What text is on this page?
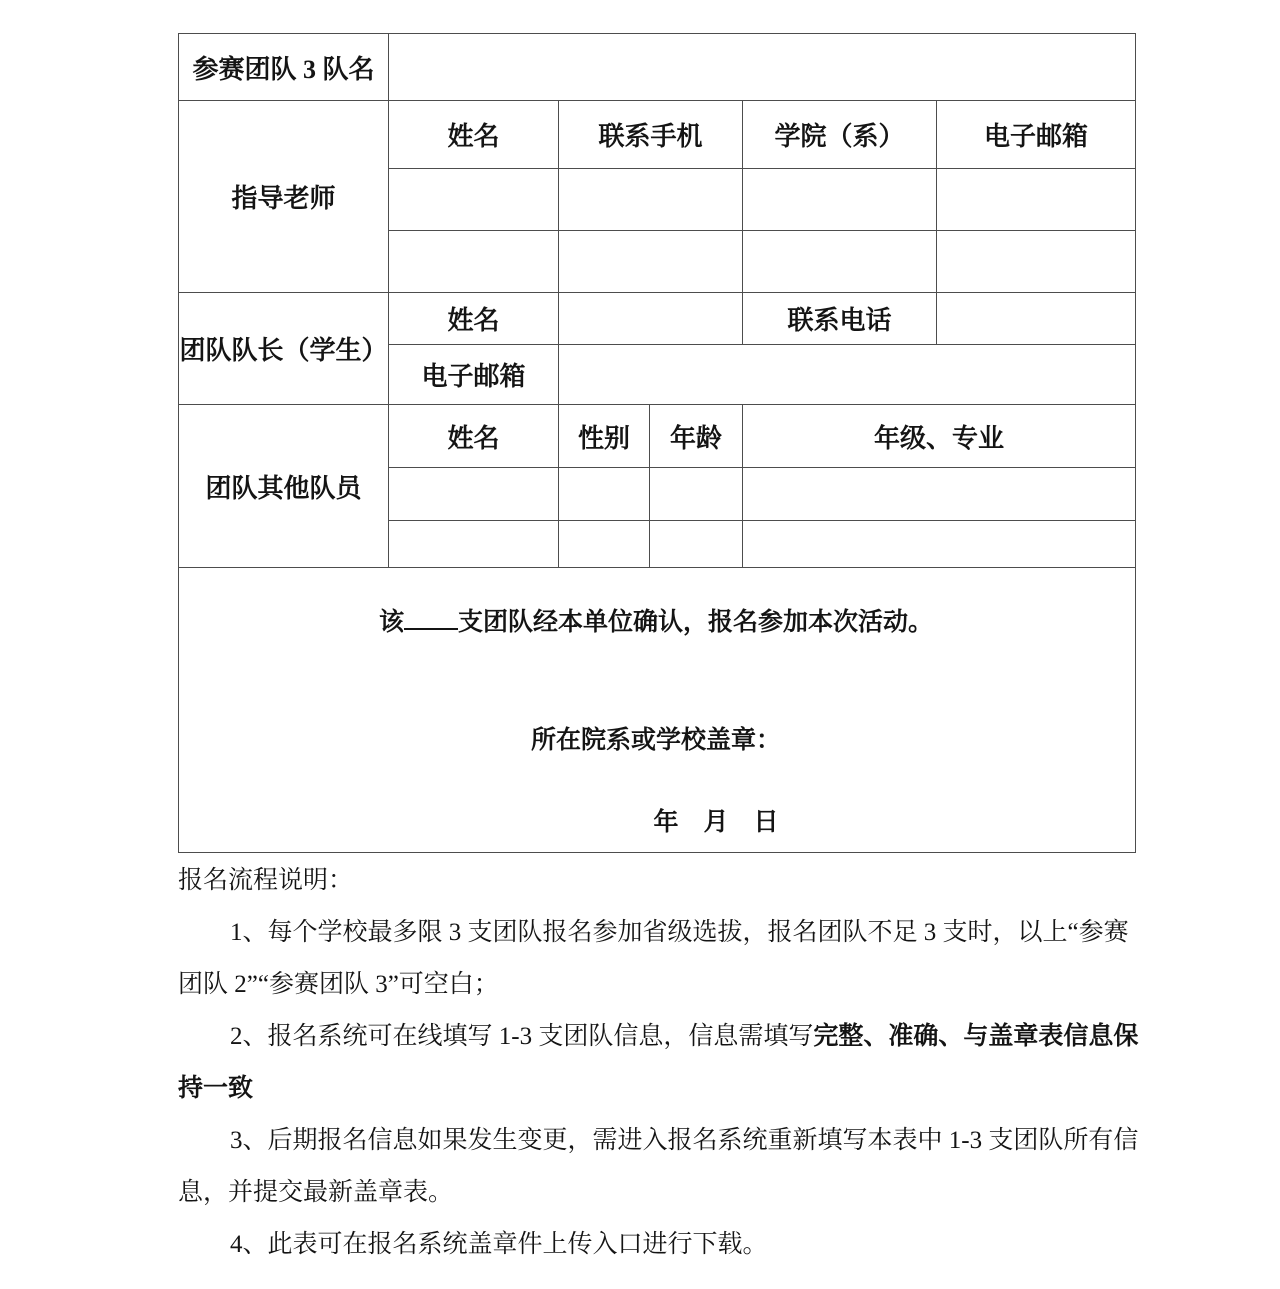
参赛团队 3 队名					
指导老师	姓名	联系手机		学院（系）	电子邮箱

团队队长（学生）	姓名			联系电话	
	电子邮箱				
团队其他队员	姓名	性别	年龄	年级、专业	

该 支团队经本单位确认，报名参加本次活动。
所在院系或学校盖章：
年　月　日					
报名流程说明：
1、每个学校最多限 3 支团队报名参加省级选拔，报名团队不足 3 支时，以上“参赛
团队 2”“参赛团队 3”可空白；
2、报名系统可在线填写 1-3 支团队信息，信息需填写完整、准确、与盖章表信息保
持一致
3、后期报名信息如果发生变更，需进入报名系统重新填写本表中 1-3 支团队所有信
息，并提交最新盖章表。
4、此表可在报名系统盖章件上传入口进行下载。
